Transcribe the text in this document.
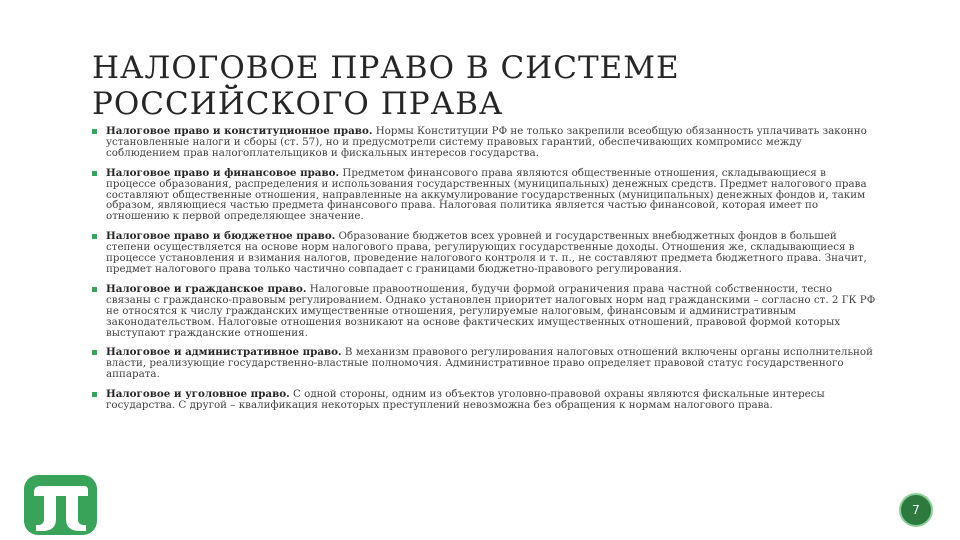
НАЛОГОВОЕ ПРАВО В СИСТЕМЕ РОССИЙСКОГО ПРАВА
Налоговое право и конституционное право. Нормы Конституции РФ не только закрепили всеобщую обязанность уплачивать законно установленные налоги и сборы (ст. 57), но и предусмотрели систему правовых гарантий, обеспечивающих компромисс между соблюдением прав налогоплательщиков и фискальных интересов государства.
Налоговое право и финансовое право. Предметом финансового права являются общественные отношения, складывающиеся в процессе образования, распределения и использования государственных (муниципальных) денежных средств. Предмет налогового права составляют общественные отношения, направленные на аккумулирование государственных (муниципальных) денежных фондов и, таким образом, являющиеся частью предмета финансового права. Налоговая политика является частью финансовой, которая имеет по отношению к первой определяющее значение.
Налоговое право и бюджетное право. Образование бюджетов всех уровней и государственных внебюджетных фондов в большей степени осуществляется на основе норм налогового права, регулирующих государственные доходы. Отношения же, складывающиеся в процессе установления и взимания налогов, проведение налогового контроля и т. п., не составляют предмета бюджетного права. Значит, предмет налогового права только частично совпадает с границами бюджетно-правового регулирования.
Налоговое и гражданское право. Налоговые правоотношения, будучи формой ограничения права частной собственности, тесно связаны с гражданско-правовым регулированием. Однако установлен приоритет налоговых норм над гражданскими – согласно ст. 2 ГК РФ не относятся к числу гражданских имущественные отношения, регулируемые налоговым, финансовым и административным законодательством. Налоговые отношения возникают на основе фактических имущественных отношений, правовой формой которых выступают гражданские отношения.
Налоговое и административное право. В механизм правового регулирования налоговых отношений включены органы исполнительной власти, реализующие государственно-властные полномочия. Административное право определяет правовой статус государственного аппарата.
Налоговое и уголовное право. С одной стороны, одним из объектов уголовно-правовой охраны являются фискальные интересы государства. С другой – квалификация некоторых преступлений невозможна без обращения к нормам налогового права.
7
